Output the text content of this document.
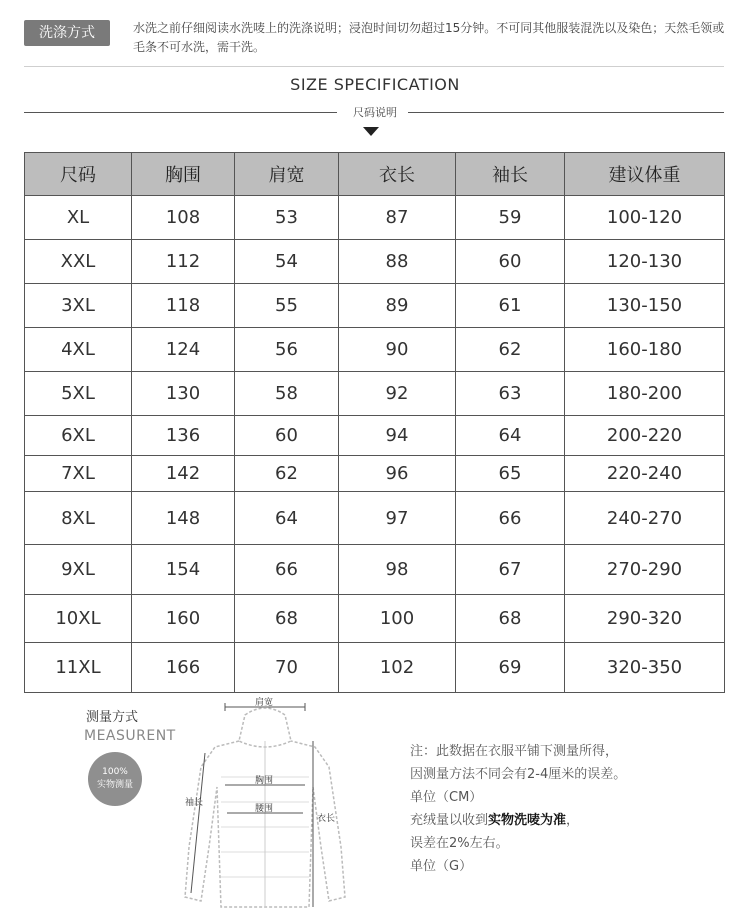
洗涤方式	水洗之前仔细阅读水洗唛上的洗涤说明；浸泡时间切勿超过15分钟。不可同其他服装混洗以及染色；天然毛领或毛条不可水洗，需干洗。
SIZE SPECIFICATION
尺码说明
尺码	胸围	肩宽	衣长	袖长	建议体重
XL	108	53	87	59	100-120
XXL	112	54	88	60	120-130
3XL	118	55	89	61	130-150
4XL	124	56	90	62	160-180
5XL	130	58	92	63	180-200
6XL	136	60	94	64	200-220
7XL	142	62	96	65	220-240
8XL	148	64	97	66	240-270
9XL	154	66	98	67	270-290
10XL	160	68	100	68	290-320
11XL	166	70	102	69	320-350
测量方式
MEASURENT
100%
实物测量
肩宽
胸围
腰围
袖长
衣长
注：此数据在衣服平铺下测量所得，
因测量方法不同会有2-4厘米的误差。
单位（CM）
充绒量以收到实物洗唛为准，
误差在2%左右。
单位（G）
